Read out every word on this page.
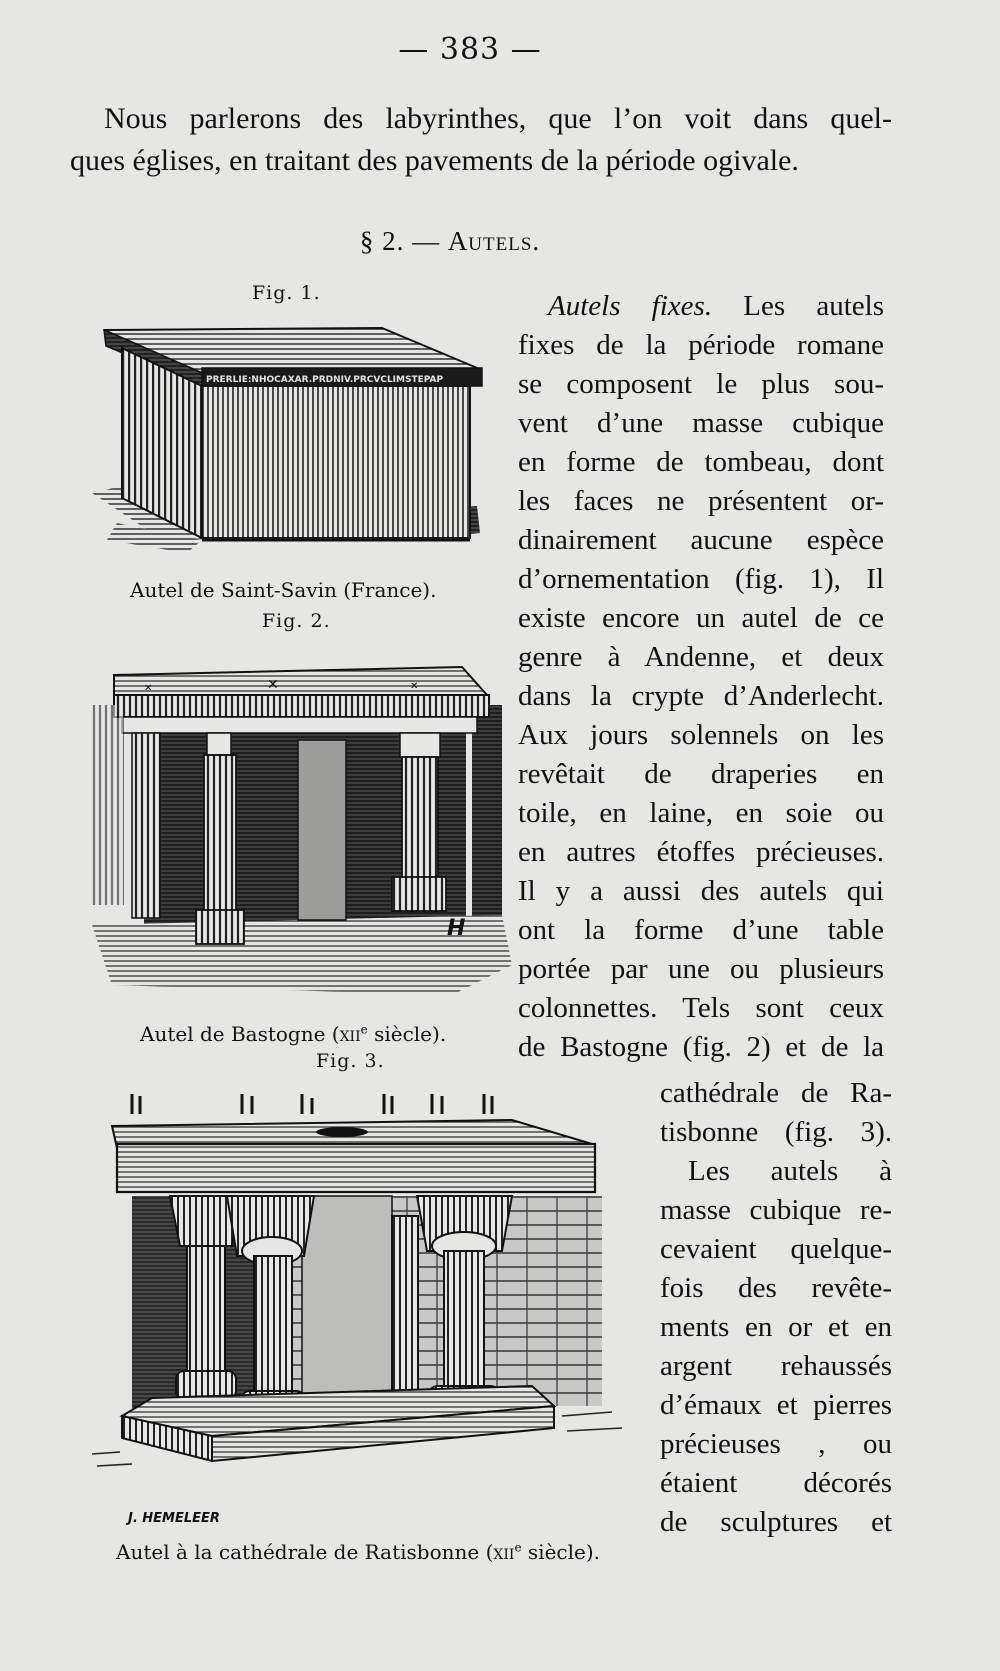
— 383 —
Nous parlerons des labyrinthes, que l’on voit dans quel-
ques églises, en traitant des pavements de la période ogivale.
§ 2. — Autels.
Fig. 1.
PRERLIE:NHOCAXAR.PRDNIV.PRCVCLIMSTEPAP
Autel de Saint-Savin (France).
Fig. 2.
✕
✕	✕
H
Autel de Bastogne (xii$^e$ siècle).
Fig. 3.
J. HEMELEER
Autel à la cathédrale de Ratisbonne (xii$^e$ siècle).
Autels fixes. Les autels
fixes de la période romane
se composent le plus sou-
vent d’une masse cubique
en forme de tombeau, dont
les faces ne présentent or-
dinairement aucune espèce
d’ornementation (fig. 1), Il
existe encore un autel de ce
genre à Andenne, et deux
dans la crypte d’Anderlecht.
Aux jours solennels on les
revêtait de draperies en
toile, en laine, en soie ou
en autres étoffes précieuses.
Il y a aussi des autels qui
ont la forme d’une table
portée par une ou plusieurs
colonnettes. Tels sont ceux
de Bastogne (fig. 2) et de la
cathédrale de Ra-
tisbonne (fig. 3).
Les autels à
masse cubique re-
cevaient quelque-
fois des revête-
ments en or et en
argent rehaussés
d’émaux et pierres
précieuses , ou
étaient décorés
de sculptures et
